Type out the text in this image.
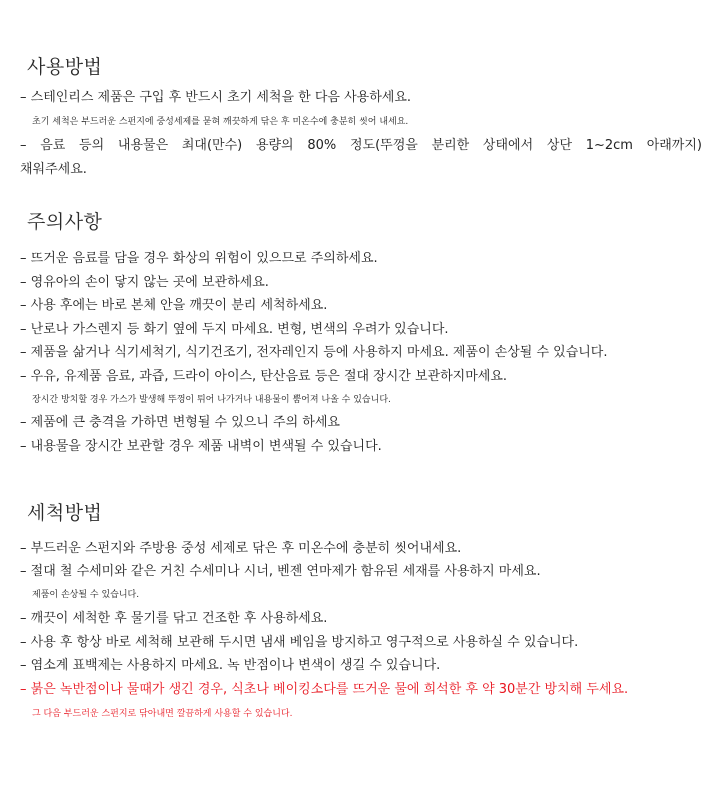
사용방법
– 스테인리스 제품은 구입 후 반드시 초기 세척을 한 다음 사용하세요.
초기 세척은 부드러운 스펀지에 중성세제를 묻혀 깨끗하게 닦은 후 미온수에 충분히 씻어 내세요.
– 음료 등의 내용물은 최대(만수) 용량의 80% 정도(뚜껑을 분리한 상태에서 상단 1~2cm 아래까지)
채워주세요.
주의사항
– 뜨거운 음료를 담을 경우 화상의 위험이 있으므로 주의하세요.
– 영유아의 손이 닿지 않는 곳에 보관하세요.
– 사용 후에는 바로 본체 안을 깨끗이 분리 세척하세요.
– 난로나 가스렌지 등 화기 옆에 두지 마세요. 변형, 변색의 우려가 있습니다.
– 제품을 삶거나 식기세척기, 식기건조기, 전자레인지 등에 사용하지 마세요. 제품이 손상될 수 있습니다.
– 우유, 유제품 음료, 과즙, 드라이 아이스, 탄산음료 등은 절대 장시간 보관하지마세요.
장시간 방치할 경우 가스가 발생해 뚜껑이 튀어 나가거나 내용물이 뿜어져 나올 수 있습니다.
– 제품에 큰 충격을 가하면 변형될 수 있으니 주의 하세요
– 내용물을 장시간 보관할 경우 제품 내벽이 변색될 수 있습니다.
세척방법
– 부드러운 스펀지와 주방용 중성 세제로 닦은 후 미온수에 충분히 씻어내세요.
– 절대 철 수세미와 같은 거친 수세미나 시너, 벤젠 연마제가 함유된 세재를 사용하지 마세요.
제품이 손상될 수 있습니다.
– 깨끗이 세척한 후 물기를 닦고 건조한 후 사용하세요.
– 사용 후 항상 바로 세척해 보관해 두시면 냄새 베임을 방지하고 영구적으로 사용하실 수 있습니다.
– 염소계 표백제는 사용하지 마세요. 녹 반점이나 변색이 생길 수 있습니다.
– 붉은 녹반점이나 물때가 생긴 경우, 식초나 베이킹소다를 뜨거운 물에 희석한 후 약 30분간 방치해 두세요.
그 다음 부드러운 스펀지로 닦아내면 깔끔하게 사용할 수 있습니다.
